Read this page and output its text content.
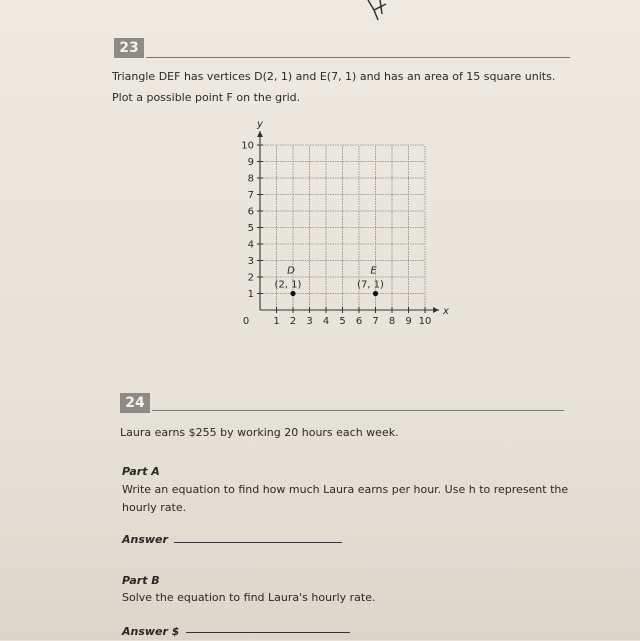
23
Triangle DEF has vertices D(2, 1) and E(7, 1) and has an area of 15 square units.
Plot a possible point F on the grid.
0 1 2 3 4 5 6 7 8 9 10
1
2
3
4
5
6
7
8
9
10
x
y
D
(2, 1)
E
(7, 1)
24
Laura earns $255 by working 20 hours each week.
Part A
Write an equation to find how much Laura earns per hour. Use h to represent the
hourly rate.
Answer
Part B
Solve the equation to find Laura's hourly rate.
Answer $
